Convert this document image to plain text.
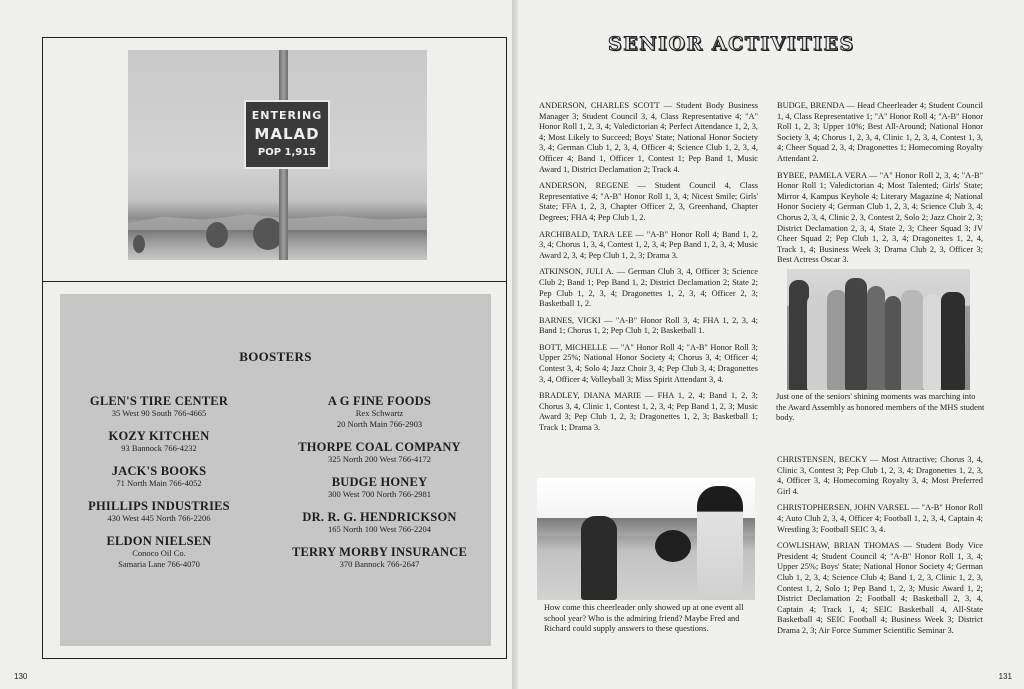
ENTERING
MALAD
POP 1,915
BOOSTERS
GLEN'S TIRE CENTER
35 West 90 South 766-4665
KOZY KITCHEN
93 Bannock 766-4232
JACK'S BOOKS
71 North Main 766-4052
PHILLIPS INDUSTRIES
430 West 445 North 766-2206
ELDON NIELSEN
Conoco Oil Co.
Samaria Lane 766-4070
A G FINE FOODS
Rex Schwartz
20 North Main 766-2903
THORPE COAL COMPANY
325 North 200 West 766-4172
BUDGE HONEY
300 West 700 North 766-2981
DR. R. G. HENDRICKSON
165 North 100 West 766-2204
TERRY MORBY INSURANCE
370 Bannock 766-2647
130	131
SENIOR ACTIVITIES

ANDERSON, CHARLES SCOTT — Student Body Business Manager 3; Student Council 3, 4, Class Representative 4; "A" Honor Roll 1, 2, 3, 4; Valedictorian 4; Perfect Attendance 1, 2, 3, 4; Most Likely to Succeed; Boys' State; National Honor Society 3, 4; German Club 1, 2, 3, 4, Officer 4; Science Club 1, 2, 3, 4, Officer 4; Band 1, Officer 1, Contest 1; Pep Band 1, Music Award 1, District Declamation 2; Track 4.

ANDERSON, REGENE — Student Council 4, Class Representative 4; "A-B" Honor Roll 1, 3, 4; Nicest Smile; Girls' State; FFA 1, 2, 3, Chapter Officer 2, 3, Greenhand, Chapter Degrees; FHA 4; Pep Club 1, 2.

ARCHIBALD, TARA LEE — "A-B" Honor Roll 4; Band 1, 2, 3, 4; Chorus 1, 3, 4, Contest 1, 2, 3, 4; Pep Band 1, 2, 3, 4; Music Award 2, 3, 4; Pep Club 1, 2, 3; Drama 3.

ATKINSON, JULI A. — German Club 3, 4, Officer 3; Science Club 2; Band 1; Pep Band 1, 2; District Declamation 2; State 2; Pep Club 1, 2, 3, 4; Dragonettes 1, 2, 3, 4; Officer 2, 3; Basketball 1, 2.

BARNES, VICKI — "A-B" Honor Roll 3, 4; FHA 1, 2, 3, 4; Band 1; Chorus 1, 2; Pep Club 1, 2; Basketball 1.

BOTT, MICHELLE — "A" Honor Roll 4; "A-B" Honor Roll 3; Upper 25%; National Honor Society 4; Chorus 3, 4; Officer 4; Contest 3, 4; Solo 4; Jazz Choir 3, 4; Pep Club 3, 4; Dragonettes 3, 4, Officer 4; Volleyball 3; Miss Spirit Attendant 3, 4.

BRADLEY, DIANA MARIE — FHA 1, 2, 4; Band 1, 2, 3; Chorus 3, 4, Clinic 1, Contest 1, 2, 3, 4; Pep Band 1, 2, 3; Music Award 3; Pep Club 1, 2, 3; Dragonettes 1, 2, 3; Basketball 1; Track 1; Drama 3.

BUDGE, BRENDA — Head Cheerleader 4; Student Council 1, 4, Class Representative 1; "A" Honor Roll 4; "A-B" Honor Roll 1, 2, 3; Upper 10%; Best All-Around; National Honor Society 3, 4; Chorus 1, 2, 3, 4, Clinic 1, 2, 3, 4, Contest 1, 3, 4; Cheer Squad 2, 3, 4; Dragonettes 1; Homecoming Royalty Attendant 2.

BYBEE, PAMELA VERA — "A" Honor Roll 2, 3, 4; "A-B" Honor Roll 1; Valedictorian 4; Most Talented; Girls' State; Mirror 4, Kampus Keyhole 4; Literary Magazine 4; National Honor Society 4; German Club 1, 2, 3, 4; Science Club 3, 4; Chorus 2, 3, 4, Clinic 2, 3, Contest 2, Solo 2; Jazz Choir 2, 3; District Declamation 2, 3, 4, State 2, 3; Cheer Squad 3; JV Cheer Squad 2; Pep Club 1, 2, 3, 4; Dragonettes 1, 2, 4, Track 1, 4; Business Week 3; Drama Club 2, 3, Officer 3; Best Actress Oscar 3.

Just one of the seniors' shining moments was marching into the Award Assembly as honored members of the MHS student body.

CHRISTENSEN, BECKY — Most Attractive; Chorus 3, 4, Clinic 3, Contest 3; Pep Club 1, 2, 3, 4; Dragonettes 1, 2, 3, 4, Officer 3, 4; Homecoming Royalty 3, 4; Most Preferred Girl 4.

CHRISTOPHERSEN, JOHN VARSEL — "A-B" Honor Roll 4; Auto Club 2, 3, 4, Officer 4; Football 1, 2, 3, 4, Captain 4; Wrestling 3; Football SEIC 3, 4.

COWLISHAW, BRIAN THOMAS — Student Body Vice President 4; Student Council 4; "A-B" Honor Roll 1, 3, 4; Upper 25%; Boys' State; National Honor Society 4; German Club 1, 2, 3, 4; Science Club 4; Band 1, 2, 3, Clinic 1, 2, 3, Contest 1, 2, Solo 1; Pep Band 1, 2, 3; Music Award 1, 2; District Declamation 2; Football 4; Basketball 2, 3, 4, Captain 4; Track 1, 4; SEIC Basketball 4, All-State Basketball 4; SEIC Football 4; Business Week 3; District Drama 2, 3; Air Force Summer Scientific Seminar 3.

How come this cheerleader only showed up at one event all school year? Who is the admiring friend? Maybe Fred and Richard could supply answers to these questions.
